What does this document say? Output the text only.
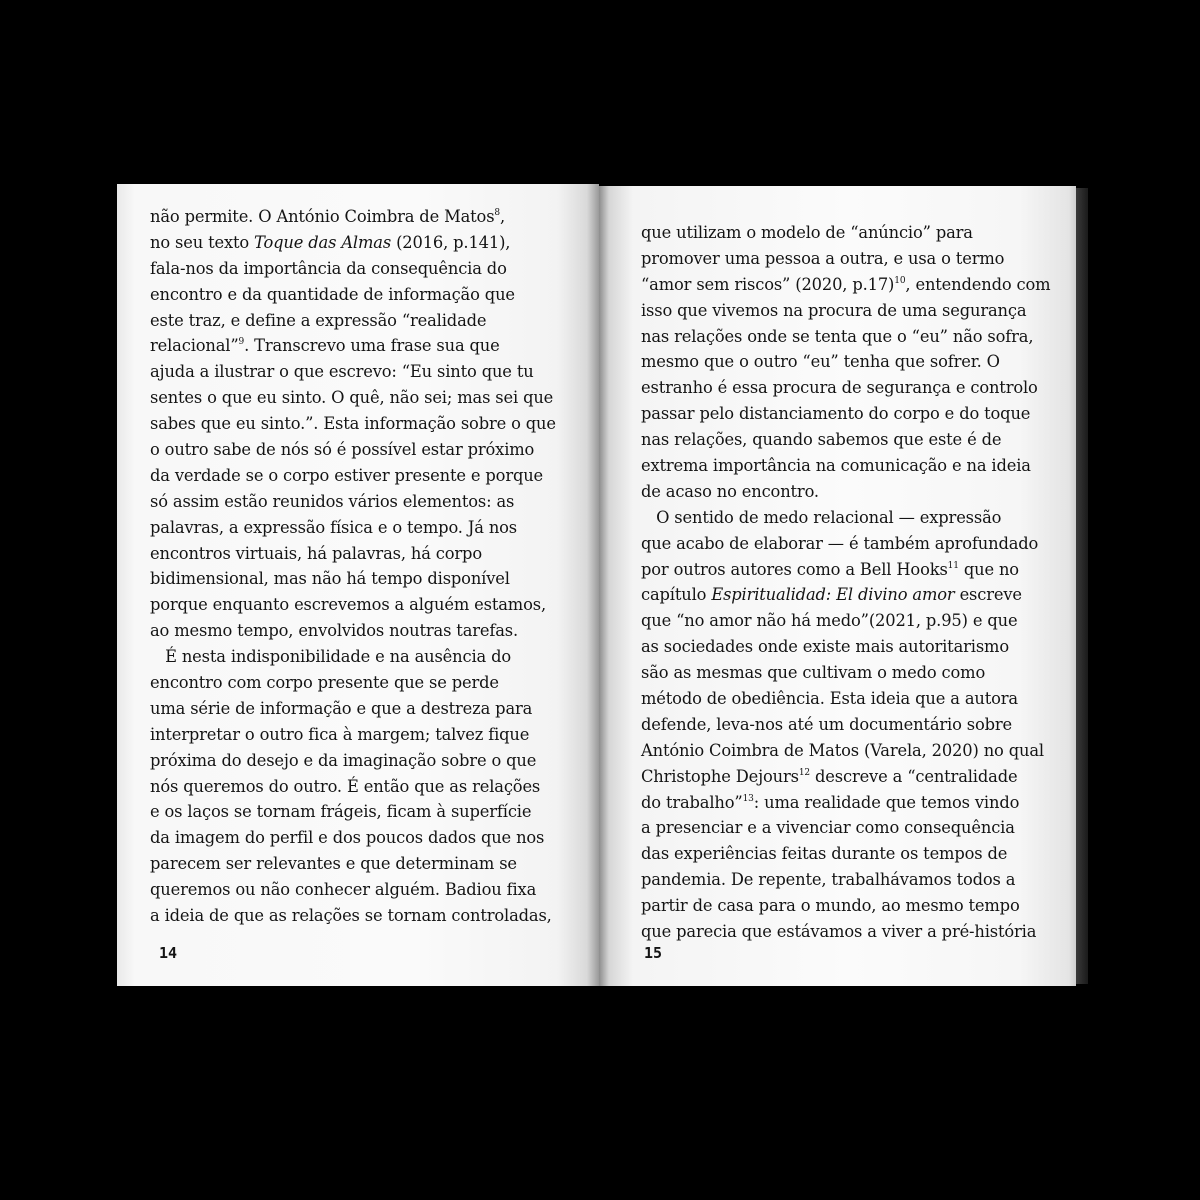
não permite. O António Coimbra de Matos$^8$,
no seu texto Toque das Almas (2016, p.141),
fala-nos da importância da consequência do
encontro e da quantidade de informação que
este traz, e define a expressão “realidade
relacional”$^9$. Transcrevo uma frase sua que
ajuda a ilustrar o que escrevo: “Eu sinto que tu
sentes o que eu sinto. O quê, não sei; mas sei que
sabes que eu sinto.”. Esta informação sobre o que
o outro sabe de nós só é possível estar próximo
da verdade se o corpo estiver presente e porque
só assim estão reunidos vários elementos: as
palavras, a expressão física e o tempo. Já nos
encontros virtuais, há palavras, há corpo
bidimensional, mas não há tempo disponível
porque enquanto escrevemos a alguém estamos,
ao mesmo tempo, envolvidos noutras tarefas.
É nesta indisponibilidade e na ausência do
encontro com corpo presente que se perde
uma série de informação e que a destreza para
interpretar o outro fica à margem; talvez fique
próxima do desejo e da imaginação sobre o que
nós queremos do outro. É então que as relações
e os laços se tornam frágeis, ficam à superfície
da imagem do perfil e dos poucos dados que nos
parecem ser relevantes e que determinam se
queremos ou não conhecer alguém. Badiou fixa
a ideia de que as relações se tornam controladas,
14
que utilizam o modelo de “anúncio” para
promover uma pessoa a outra, e usa o termo
“amor sem riscos” (2020, p.17)$^{10}$, entendendo com
isso que vivemos na procura de uma segurança
nas relações onde se tenta que o “eu” não sofra,
mesmo que o outro “eu” tenha que sofrer. O
estranho é essa procura de segurança e controlo
passar pelo distanciamento do corpo e do toque
nas relações, quando sabemos que este é de
extrema importância na comunicação e na ideia
de acaso no encontro.
O sentido de medo relacional — expressão
que acabo de elaborar — é também aprofundado
por outros autores como a Bell Hooks$^{11}$ que no
capítulo Espiritualidad: El divino amor escreve
que “no amor não há medo”(2021, p.95) e que
as sociedades onde existe mais autoritarismo
são as mesmas que cultivam o medo como
método de obediência. Esta ideia que a autora
defende, leva-nos até um documentário sobre
António Coimbra de Matos (Varela, 2020) no qual
Christophe Dejours$^{12}$ descreve a “centralidade
do trabalho”$^{13}$: uma realidade que temos vindo
a presenciar e a vivenciar como consequência
das experiências feitas durante os tempos de
pandemia. De repente, trabalhávamos todos a
partir de casa para o mundo, ao mesmo tempo
que parecia que estávamos a viver a pré-história
15
